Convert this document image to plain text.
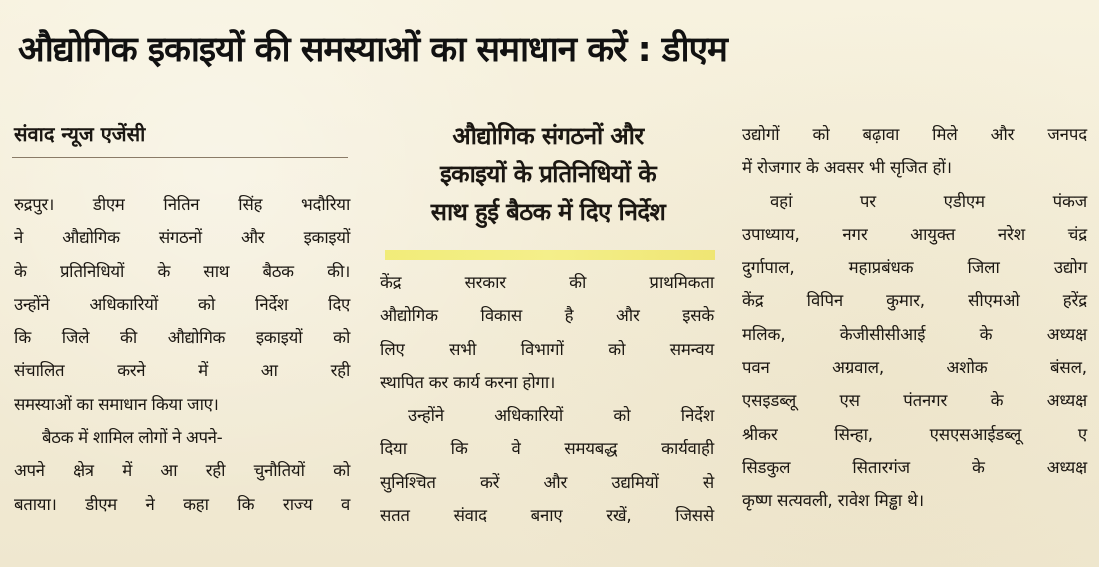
औद्योगिक इकाइयों की समस्याओं का समाधान करें : डीएम
संवाद न्यूज एजेंसी	औद्योगिक संगठनों और
इकाइयों के प्रतिनिधियों के
साथ हुई बैठक में दिए निर्देश

रुद्रपुर। डीएम नितिन सिंह भदौरिया
ने औद्योगिक संगठनों और इकाइयों
के प्रतिनिधियों के साथ बैठक की।
उन्होंने अधिकारियों को निर्देश दिए
कि जिले की औद्योगिक इकाइयों को
संचालित करने में आ रही
समस्याओं का समाधान किया जाए।

बैठक में शामिल लोगों ने अपने-
अपने क्षेत्र में आ रही चुनौतियों को
बताया। डीएम ने कहा कि राज्य व

केंद्र सरकार की प्राथमिकता
औद्योगिक विकास है और इसके
लिए सभी विभागों को समन्वय
स्थापित कर कार्य करना होगा।

उन्होंने अधिकारियों को निर्देश
दिया कि वे समयबद्ध कार्यवाही
सुनिश्चित करें और उद्यमियों से
सतत संवाद बनाए रखें, जिससे

उद्योगों को बढ़ावा मिले और जनपद
में रोजगार के अवसर भी सृजित हों।

वहां पर एडीएम पंकज
उपाध्याय, नगर आयुक्त नरेश चंद्र
दुर्गापाल, महाप्रबंधक जिला उद्योग
केंद्र विपिन कुमार, सीएमओ हरेंद्र
मलिक, केजीसीसीआई के अध्यक्ष
पवन अग्रवाल, अशोक बंसल,
एसइडब्लू एस पंतनगर के अध्यक्ष
श्रीकर सिन्हा, एसएसआईडब्लू ए
सिडकुल सितारगंज के अध्यक्ष
कृष्ण सत्यवली, रावेश मिड्ढा थे।
